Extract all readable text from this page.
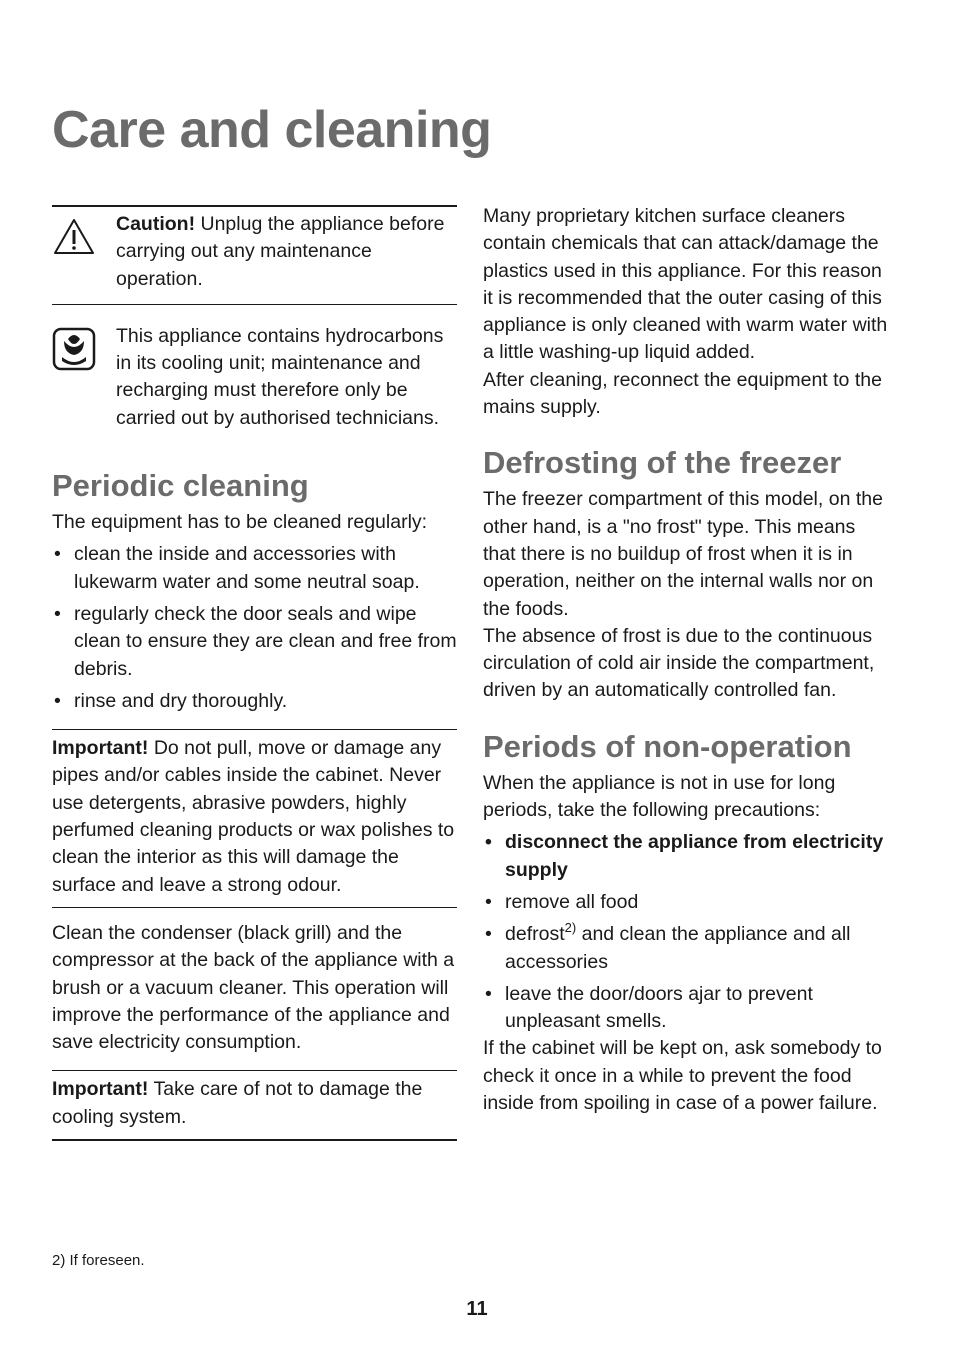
Care and cleaning

Caution! Unplug the appliance before carrying out any maintenance operation.

This appliance contains hydrocarbons in its cooling unit; maintenance and recharging must therefore only be carried out by authorised technicians.

Periodic cleaning

The equipment has to be cleaned regularly:

• clean the inside and accessories with lukewarm water and some neutral soap.
• regularly check the door seals and wipe clean to ensure they are clean and free from debris.
• rinse and dry thoroughly.

Important! Do not pull, move or damage any pipes and/or cables inside the cabinet. Never use detergents, abrasive powders, highly perfumed cleaning products or wax polishes to clean the interior as this will damage the surface and leave a strong odour.

Clean the condenser (black grill) and the compressor at the back of the appliance with a brush or a vacuum cleaner. This operation will improve the performance of the appliance and save electricity consumption.

Important! Take care of not to damage the cooling system.

Many proprietary kitchen surface cleaners contain chemicals that can attack/damage the plastics used in this appliance. For this reason it is recommended that the outer casing of this appliance is only cleaned with warm water with a little washing-up liquid added.

After cleaning, reconnect the equipment to the mains supply.

Defrosting of the freezer

The freezer compartment of this model, on the other hand, is a "no frost" type. This means that there is no buildup of frost when it is in operation, neither on the internal walls nor on the foods.

The absence of frost is due to the continuous circulation of cold air inside the compartment, driven by an automatically controlled fan.

Periods of non-operation

When the appliance is not in use for long periods, take the following precautions:

• disconnect the appliance from electricity supply
• remove all food
• defrost$^{2)}$ and clean the appliance and all accessories
• leave the door/doors ajar to prevent unpleasant smells.

If the cabinet will be kept on, ask somebody to check it once in a while to prevent the food inside from spoiling in case of a power failure.

2) If foreseen.
11
